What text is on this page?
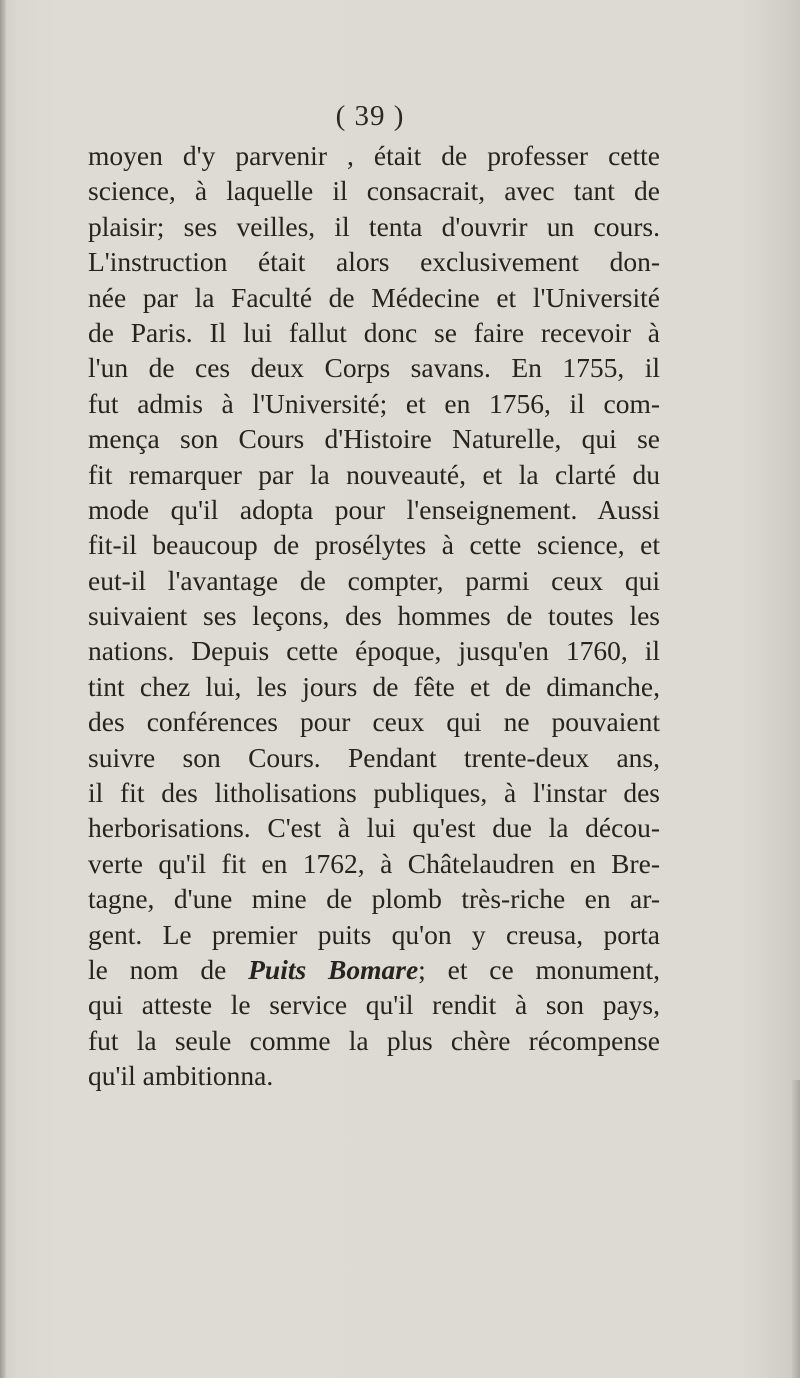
( 39 )
moyen d'y parvenir , était de professer cette
science, à laquelle il consacrait, avec tant de
plaisir; ses veilles, il tenta d'ouvrir un cours.
L'instruction était alors exclusivement don-
née par la Faculté de Médecine et l'Université
de Paris. Il lui fallut donc se faire recevoir à
l'un de ces deux Corps savans. En 1755, il
fut admis à l'Université; et en 1756, il com-
mença son Cours d'Histoire Naturelle, qui se
fit remarquer par la nouveauté, et la clarté du
mode qu'il adopta pour l'enseignement. Aussi
fit-il beaucoup de prosélytes à cette science, et
eut-il l'avantage de compter, parmi ceux qui
suivaient ses leçons, des hommes de toutes les
nations. Depuis cette époque, jusqu'en 1760, il
tint chez lui, les jours de fête et de dimanche,
des conférences pour ceux qui ne pouvaient
suivre son Cours. Pendant trente-deux ans,
il fit des litholisations publiques, à l'instar des
herborisations. C'est à lui qu'est due la décou-
verte qu'il fit en 1762, à Châtelaudren en Bre-
tagne, d'une mine de plomb très-riche en ar-
gent. Le premier puits qu'on y creusa, porta
le nom de Puits Bomare; et ce monument,
qui atteste le service qu'il rendit à son pays,
fut la seule comme la plus chère récompense
qu'il ambitionna.
